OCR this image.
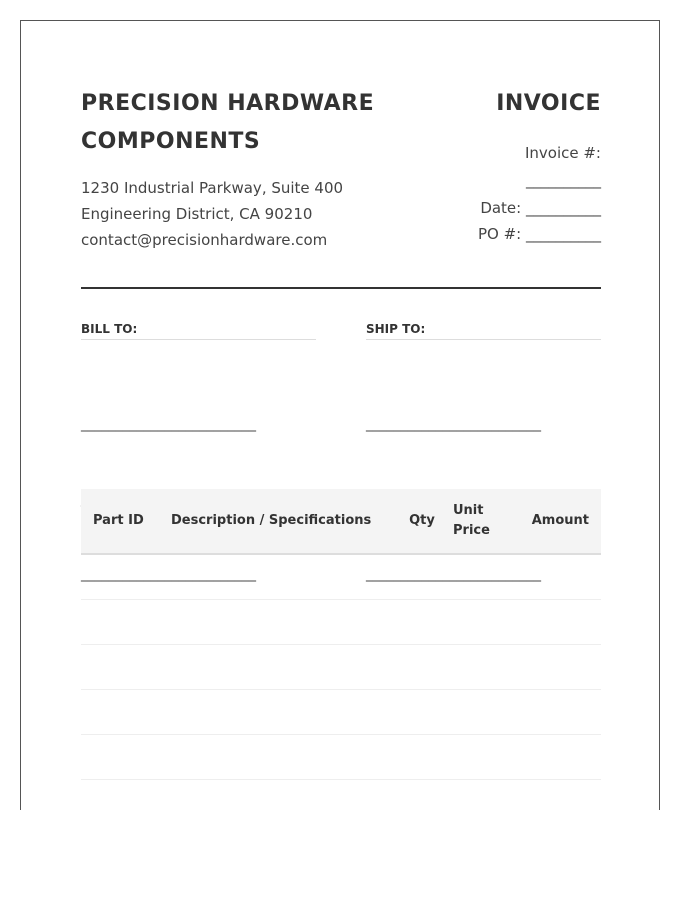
PRECISION HARDWARE
COMPONENTS
INVOICE
1230 Industrial Parkway, Suite 400
Engineering District, CA 90210
contact@precisionhardware.com
Invoice #:
__________
Date: __________
PO #: __________
BILL TO:

_________________________

_________________________

SHIP TO:

_________________________

_________________________

Part ID	Description / Specifications	Qty	Unit Price	Amount
